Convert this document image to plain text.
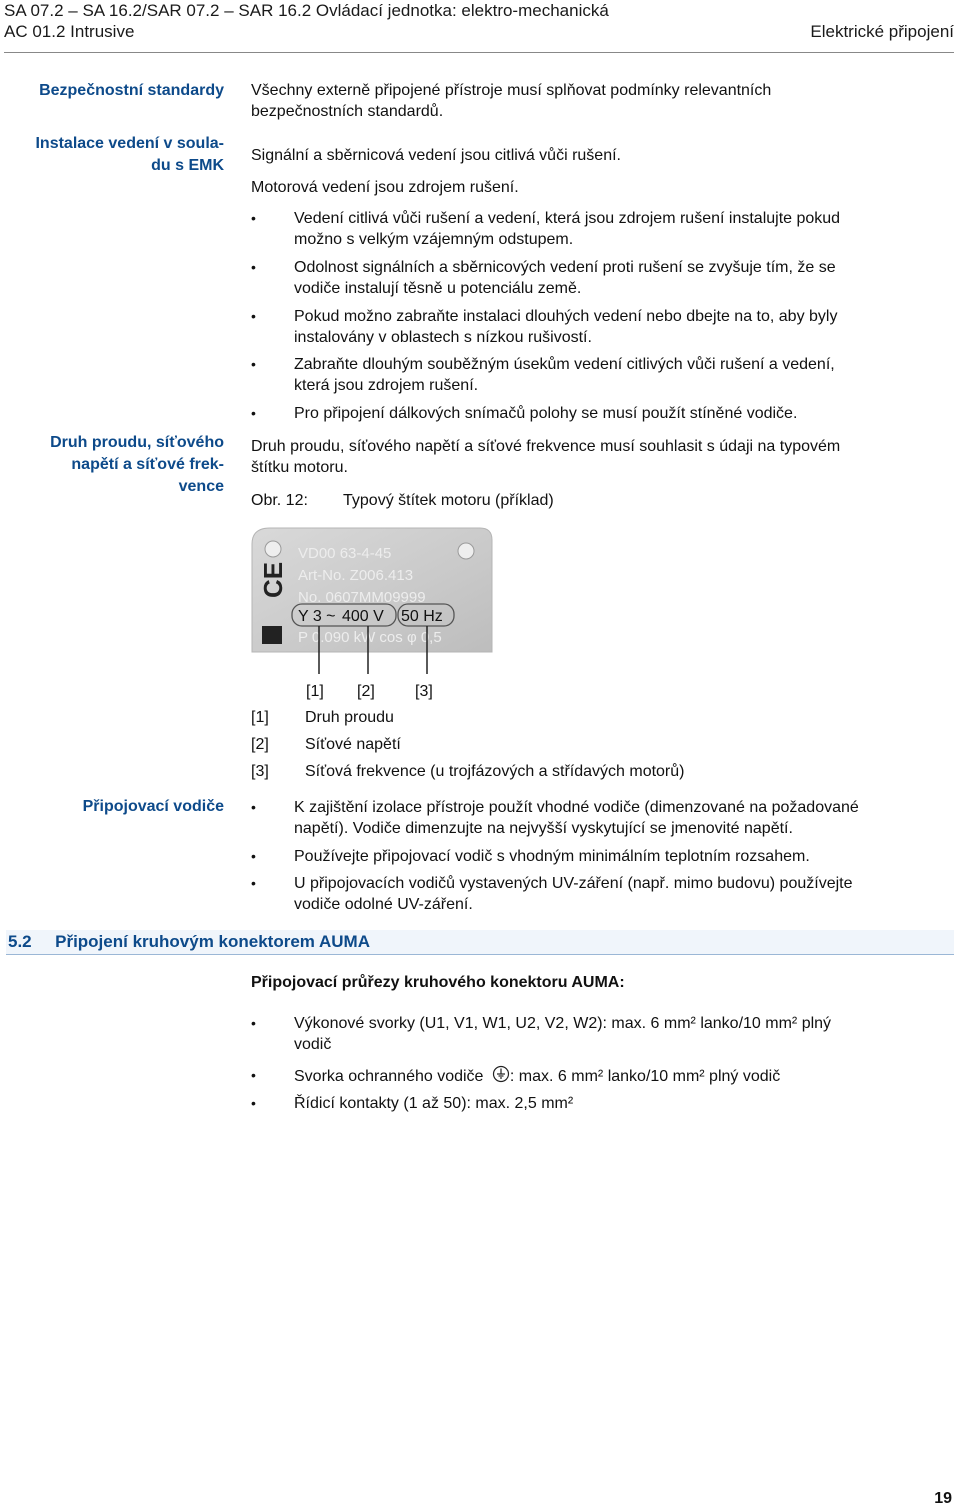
SA 07.2 – SA 16.2/SAR 07.2 – SAR 16.2 Ovládací jednotka: elektro-mechanická
AC 01.2 Intrusive	Elektrické připojení
Bezpečnostní standardy
Instalace vedení v soula-
du s EMK
Druh proudu, síťového
napětí a síťové frek-
vence
Připojovací vodiče
Všechny externě připojené přístroje musí splňovat podmínky relevantních
bezpečnostních standardů.
Signální a sběrnicová vedení jsou citlivá vůči rušení.
Motorová vedení jsou zdrojem rušení.
• Vedení citlivá vůči rušení a vedení, která jsou zdrojem rušení instalujte pokud
možno s velkým vzájemným odstupem.
• Odolnost signálních a sběrnicových vedení proti rušení se zvyšuje tím, že se
vodiče instalují těsně u potenciálu země.
• Pokud možno zabraňte instalaci dlouhých vedení nebo dbejte na to, aby byly
instalovány v oblastech s nízkou rušivostí.
• Zabraňte dlouhým souběžným úsekům vedení citlivých vůči rušení a vedení,
která jsou zdrojem rušení.
• Pro připojení dálkových snímačů polohy se musí použít stíněné vodiče.
Druh proudu, síťového napětí a síťové frekvence musí souhlasit s údaji na typovém
štítku motoru.
Obr. 12: Typový štítek motoru (příklad)
CE
VD00 63-4-45
Art-No. Z006.413
No. 0607MM09999
Y 3 ~ 400 V 50 Hz
P 0.090 kW cos φ 0,5
[1] [2]	[3]
[1] Druh proudu
[2] Síťové napětí
[3] Síťová frekvence (u trojfázových a střídavých motorů)
• K zajištění izolace přístroje použít vhodné vodiče (dimenzované na požadované
napětí). Vodiče dimenzujte na nejvyšší vyskytující se jmenovité napětí.
• Používejte připojovací vodič s vhodným minimálním teplotním rozsahem.
• U připojovacích vodičů vystavených UV-záření (např. mimo budovu) používejte
vodiče odolné UV-záření.
5.2 Připojení kruhovým konektorem AUMA
Připojovací průřezy kruhového konektoru AUMA:
• Výkonové svorky (U1, V1, W1, U2, V2, W2): max. 6 mm² lanko/10 mm² plný
vodič
• Svorka ochranného vodiče : max. 6 mm² lanko/10 mm² plný vodič
• Řídicí kontakty (1 až 50): max. 2,5 mm²
19
